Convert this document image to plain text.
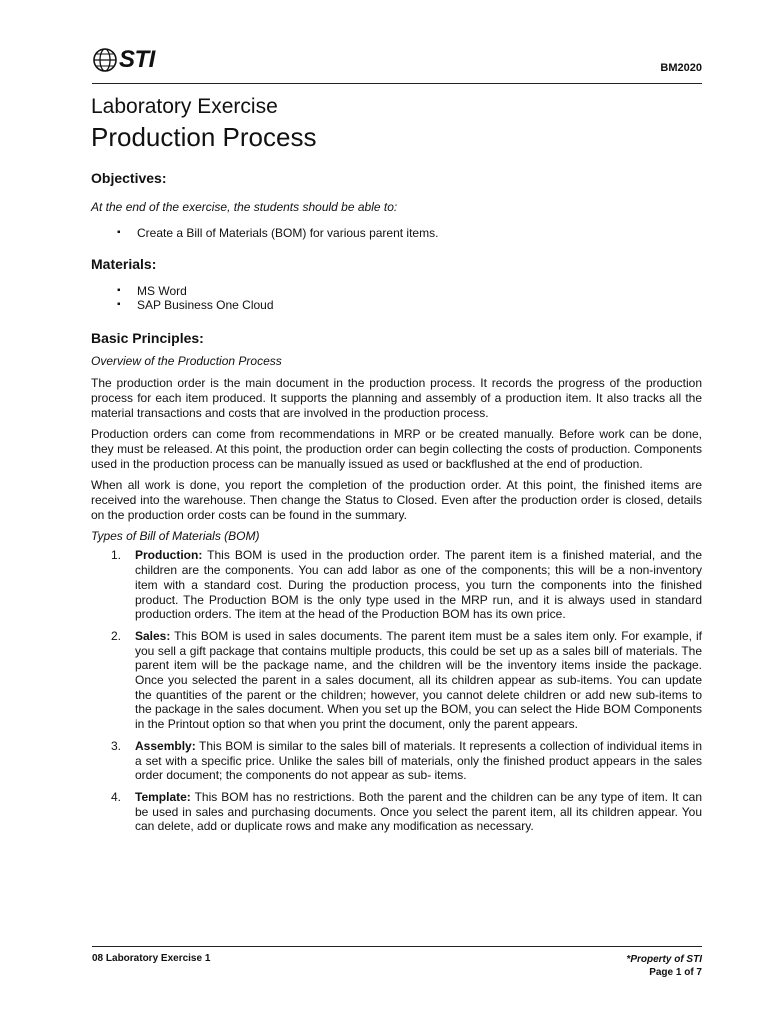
STI	BM2020
Laboratory Exercise
Production Process
Objectives:
At the end of the exercise, the students should be able to:
▪ Create a Bill of Materials (BOM) for various parent items.
Materials:
▪ MS Word
▪ SAP Business One Cloud
Basic Principles:
Overview of the Production Process

The production order is the main document in the production process. It records the progress of the production process for each item produced. It supports the planning and assembly of a production item. It also tracks all the material transactions and costs that are involved in the production process.

Production orders can come from recommendations in MRP or be created manually. Before work can be done, they must be released. At this point, the production order can begin collecting the costs of production. Components used in the production process can be manually issued as used or backflushed at the end of production.

When all work is done, you report the completion of the production order. At this point, the finished items are received into the warehouse. Then change the Status to Closed. Even after the production order is closed, details on the production order costs can be found in the summary.

Types of Bill of Materials (BOM)
1. Production: This BOM is used in the production order. The parent item is a finished material, and the children are the components. You can add labor as one of the components; this will be a non-inventory item with a standard cost. During the production process, you turn the components into the finished product. The Production BOM is the only type used in the MRP run, and it is always used in standard production orders. The item at the head of the Production BOM has its own price.
2. Sales: This BOM is used in sales documents. The parent item must be a sales item only. For example, if you sell a gift package that contains multiple products, this could be set up as a sales bill of materials. The parent item will be the package name, and the children will be the inventory items inside the package. Once you selected the parent in a sales document, all its children appear as sub-items. You can update the quantities of the parent or the children; however, you cannot delete children or add new sub-items to the package in the sales document. When you set up the BOM, you can select the Hide BOM Components in the Printout option so that when you print the document, only the parent appears.
3. Assembly: This BOM is similar to the sales bill of materials. It represents a collection of individual items in a set with a specific price. Unlike the sales bill of materials, only the finished product appears in the sales order document; the components do not appear as sub- items.
4. Template: This BOM has no restrictions. Both the parent and the children can be any type of item. It can be used in sales and purchasing documents. Once you select the parent item, all its children appear. You can delete, add or duplicate rows and make any modification as necessary.
08 Laboratory Exercise 1	*Property of STI
Page 1 of 7
